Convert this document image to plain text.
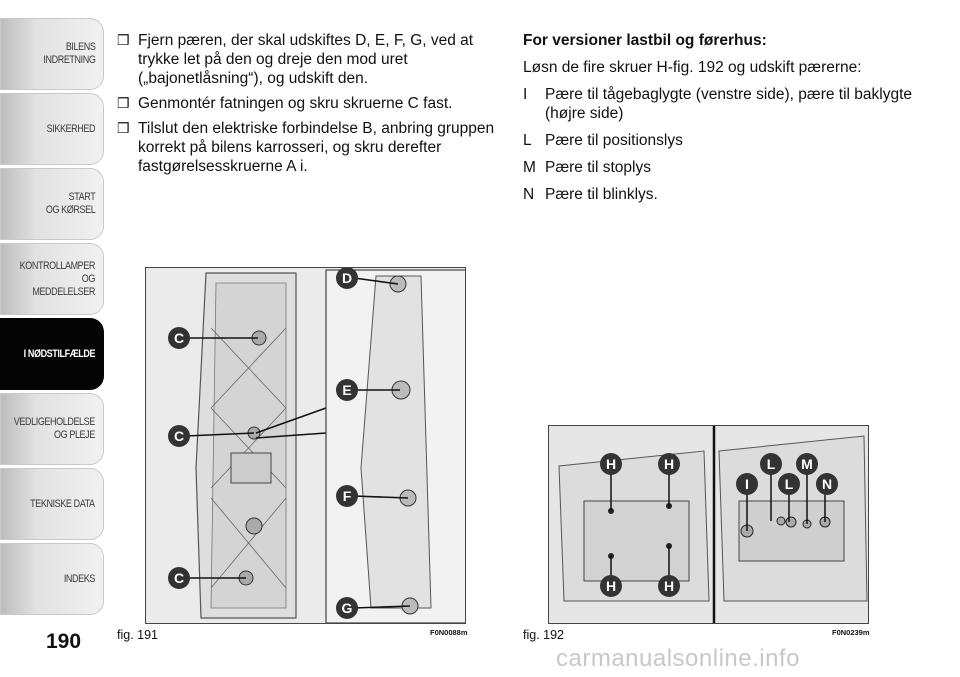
BILENS
INDRETNING
SIKKERHED
START
OG KØRSEL
KONTROLLAMPER
OG MEDDELELSER
I NØDSTILFÆLDE
VEDLIGEHOLDELSE
OG PLEJE
TEKNISKE DATA
INDEKS
190
❒ Fjern pæren, der skal udskiftes D, E, F, G, ved at trykke let på den og dreje den mod uret („bajonetlåsning“), og udskift den.
❒ Genmontér fatningen og skru skruerne C fast.
❒ Tilslut den elektriske forbindelse B, anbring gruppen korrekt på bilens karrosseri, og skru derefter fastgørelsesskruerne A i.
For versioner lastbil og førerhus:

Løsn de fire skruer H-fig. 192 og udskift pærerne:

I	Pære til tågebaglygte (venstre side), pære til baklygte (højre side)
L Pære til positionslys
M Pære til stoplys
N Pære til blinklys.
C
C
C
D
E
F
G
fig. 191	F0N0088m
H	H
H	H
I
L
L
M
N
fig. 192	F0N0239m
carmanualsonline.info
